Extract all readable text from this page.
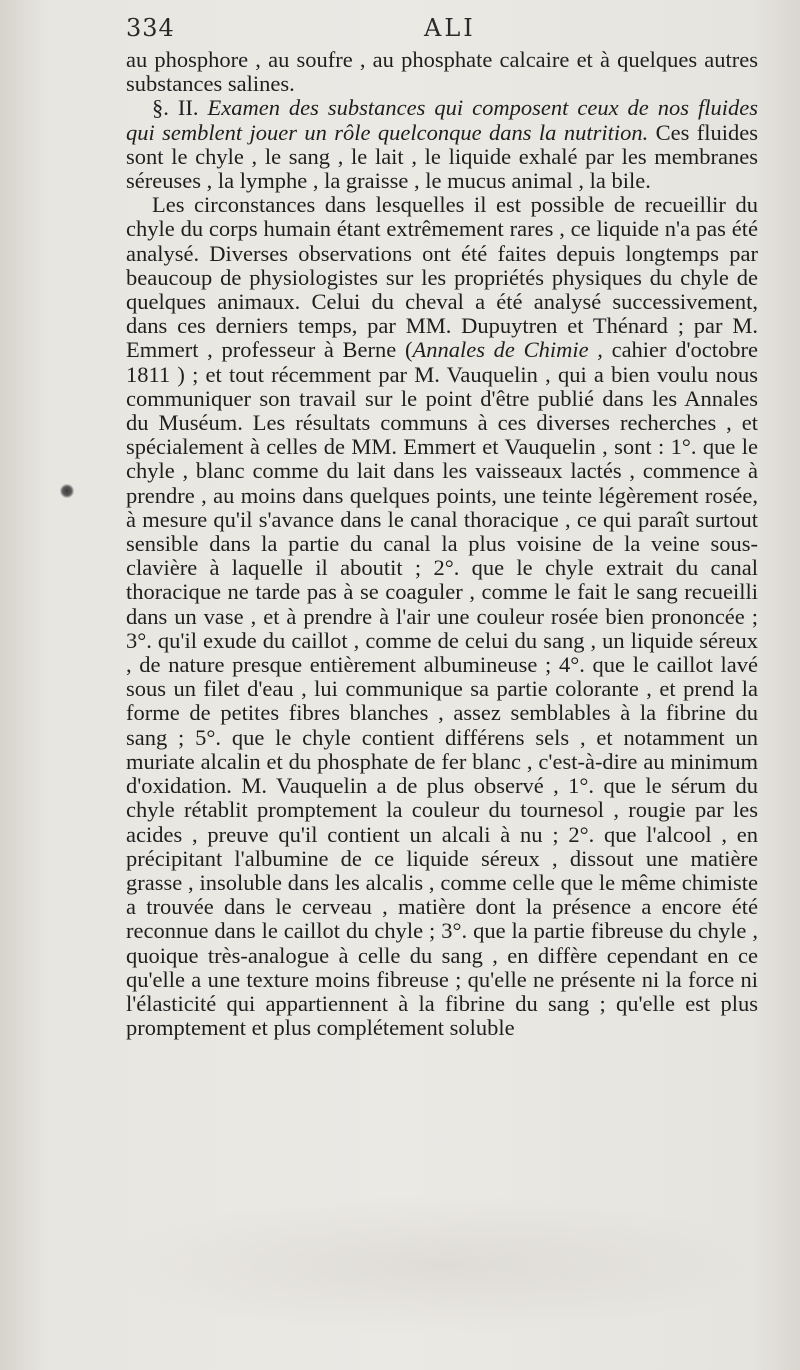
334	ALI

au phosphore , au soufre , au phosphate calcaire et à quelques autres substances salines.

§. II. Examen des substances qui composent ceux de nos fluides qui semblent jouer un rôle quelconque dans la nutrition. Ces fluides sont le chyle , le sang , le lait , le liquide exhalé par les membranes séreuses , la lymphe , la graisse , le mucus animal , la bile.

Les circonstances dans lesquelles il est possible de recueillir du chyle du corps humain étant extrêmement rares , ce liquide n'a pas été analysé. Diverses observations ont été faites depuis longtemps par beaucoup de physiologistes sur les propriétés physiques du chyle de quelques animaux. Celui du cheval a été analysé successivement, dans ces derniers temps, par MM. Dupuytren et Thénard ; par M. Emmert , professeur à Berne (Annales de Chimie , cahier d'octobre 1811 ) ; et tout récemment par M. Vauquelin , qui a bien voulu nous communiquer son travail sur le point d'être publié dans les Annales du Muséum. Les résultats communs à ces diverses recherches , et spécialement à celles de MM. Emmert et Vauquelin , sont : 1°. que le chyle , blanc comme du lait dans les vaisseaux lactés , commence à prendre , au moins dans quelques points, une teinte légèrement rosée, à mesure qu'il s'avance dans le canal thoracique , ce qui paraît surtout sensible dans la partie du canal la plus voisine de la veine sous-clavière à laquelle il aboutit ; 2°. que le chyle extrait du canal thoracique ne tarde pas à se coaguler , comme le fait le sang recueilli dans un vase , et à prendre à l'air une couleur rosée bien prononcée ; 3°. qu'il exude du caillot , comme de celui du sang , un liquide séreux , de nature presque entièrement albumineuse ; 4°. que le caillot lavé sous un filet d'eau , lui communique sa partie colorante , et prend la forme de petites fibres blanches , assez semblables à la fibrine du sang ; 5°. que le chyle contient différens sels , et notamment un muriate alcalin et du phosphate de fer blanc , c'est-à-dire au minimum d'oxidation. M. Vauquelin a de plus observé , 1°. que le sérum du chyle rétablit promptement la couleur du tournesol , rougie par les acides , preuve qu'il contient un alcali à nu ; 2°. que l'alcool , en précipitant l'albumine de ce liquide séreux , dissout une matière grasse , insoluble dans les alcalis , comme celle que le même chimiste a trouvée dans le cerveau , matière dont la présence a encore été reconnue dans le caillot du chyle ; 3°. que la partie fibreuse du chyle , quoique très-analogue à celle du sang , en diffère cependant en ce qu'elle a une texture moins fibreuse ; qu'elle ne présente ni la force ni l'élasticité qui appartiennent à la fibrine du sang ; qu'elle est plus promptement et plus complétement soluble
